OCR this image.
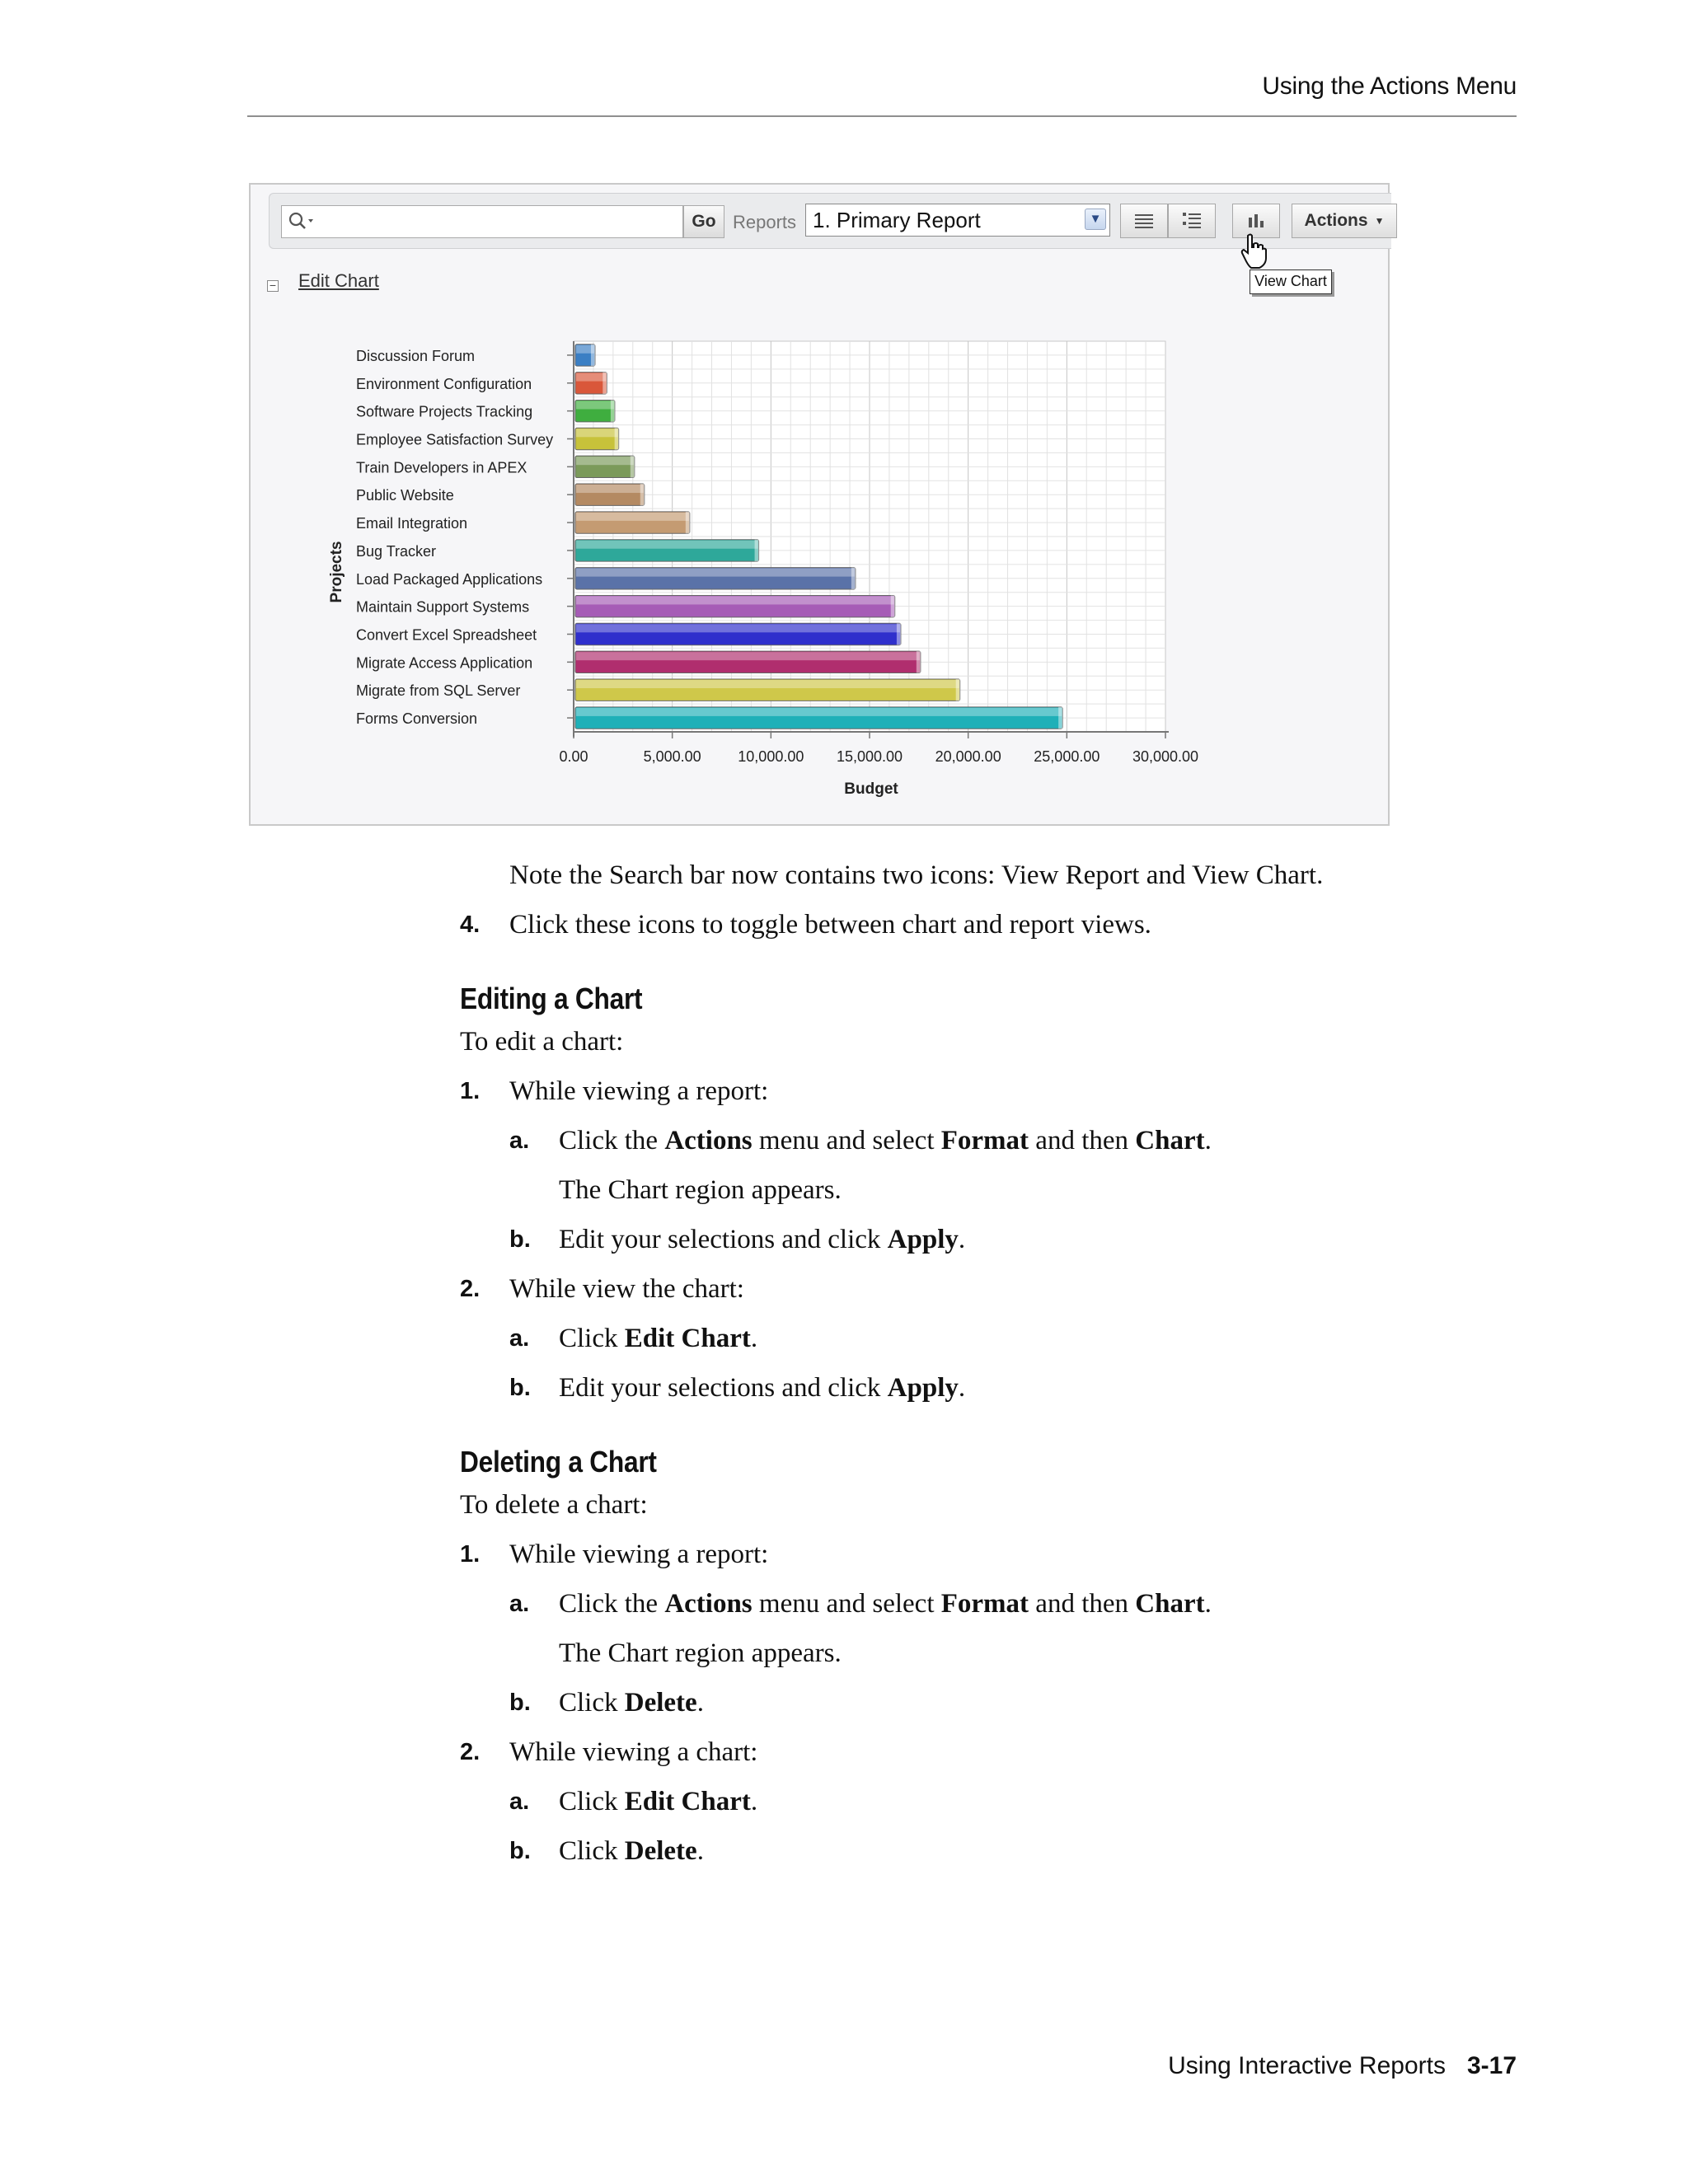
Using the Actions Menu
Go Reports 1. Primary Report	▼	Actions ▼
View Chart
− Edit Chart
Discussion Forum
Environment Configuration
Software Projects Tracking
Employee Satisfaction Survey
Train Developers in APEX
Public Website
Email Integration
Bug Tracker
Load Packaged Applications
Maintain Support Systems
Convert Excel Spreadsheet
Migrate Access Application
Migrate from SQL Server
Forms Conversion
0.00	5,000.00 10,000.00 15,000.00 20,000.00 25,000.00 30,000.00
Projects
Budget
Note the Search bar now contains two icons: View Report and View Chart.
4. Click these icons to toggle between chart and report views.
Editing a Chart
To edit a chart:
1. While viewing a report:
a. Click the Actions menu and select Format and then Chart.
The Chart region appears.
b. Edit your selections and click Apply.
2. While view the chart:
a. Click Edit Chart.
b. Edit your selections and click Apply.
Deleting a Chart
To delete a chart:
1. While viewing a report:
a. Click the Actions menu and select Format and then Chart.
The Chart region appears.
b. Click Delete.
2. While viewing a chart:
a. Click Edit Chart.
b. Click Delete.
Using Interactive Reports 3-17
